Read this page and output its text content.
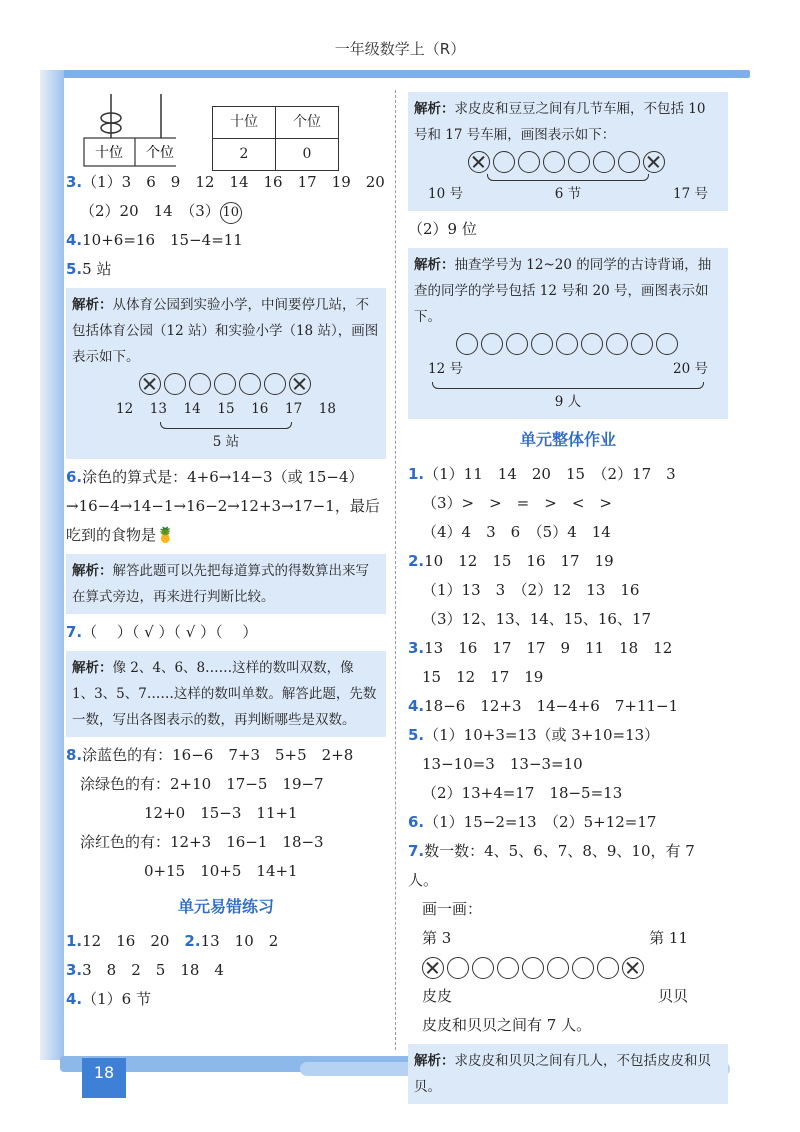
一年级数学上（R）
18
十位 个位
十位	个位
2	0
3.（1）3　6　9　12　14　16　17　19　20
（2）20　14　（3） 10
4.10+6=16　15−4=11
5.5 站
解析：从体育公园到实验小学，中间要停几站，不包括体育公园（12 站）和实验小学（18 站），画图表示如下。
12 13 14 15 16 17 18
5 站
6.涂色的算式是：4+6→14−3（或 15−4）→16−4→14−1→16−2→12+3→17−1，最后吃到的食物是🍍
解析：解答此题可以先把每道算式的得数算出来写在算式旁边，再来进行判断比较。
7.（　 ）（ √ ）（ √ ）（　 ）
解析：像 2、4、6、8……这样的数叫双数，像 1、3、5、7……这样的数叫单数。解答此题，先数一数，写出各图表示的数，再判断哪些是双数。
8.涂蓝色的有：16−6　7+3　5+5　2+8
涂绿色的有：2+10　17−5　19−7
12+0　15−3　11+1
涂红色的有：12+3　16−1　18−3
0+15　10+5　14+1
单元易错练习
1.12　16　20　 2.13　10　2
3.3　8　2　5　18　4
4.（1）6 节
解析：求皮皮和豆豆之间有几节车厢，不包括 10 号和 17 号车厢，画图表示如下：
10 号	6 节	17 号
（2）9 位
解析：抽查学号为 12~20 的同学的古诗背诵，抽查的同学的学号包括 12 号和 20 号，画图表示如下。
12 号	20 号
9 人
单元整体作业
1.（1）11　14　20　15　（2）17　3
（3）>　>　=　>　<　>
（4）4　3　6　（5）4　14
2.10　12　15　16　17　19
（1）13　3　（2）12　13　16
（3）12、13、14、15、16、17
3.13　16　17　17　9　11　18　12
15　12　17　19
4.18−6　12+3　14−4+6　7+11−1
5.（1）10+3=13（或 3+10=13）
13−10=3　13−3=10
（2）13+4=17　18−5=13
6.（1）15−2=13　（2）5+12=17
7.数一数：4、5、6、7、8、9、10，有 7 人。
画一画：
第 3	第 11
皮皮	贝贝
皮皮和贝贝之间有 7 人。
解析：求皮皮和贝贝之间有几人，不包括皮皮和贝贝。
